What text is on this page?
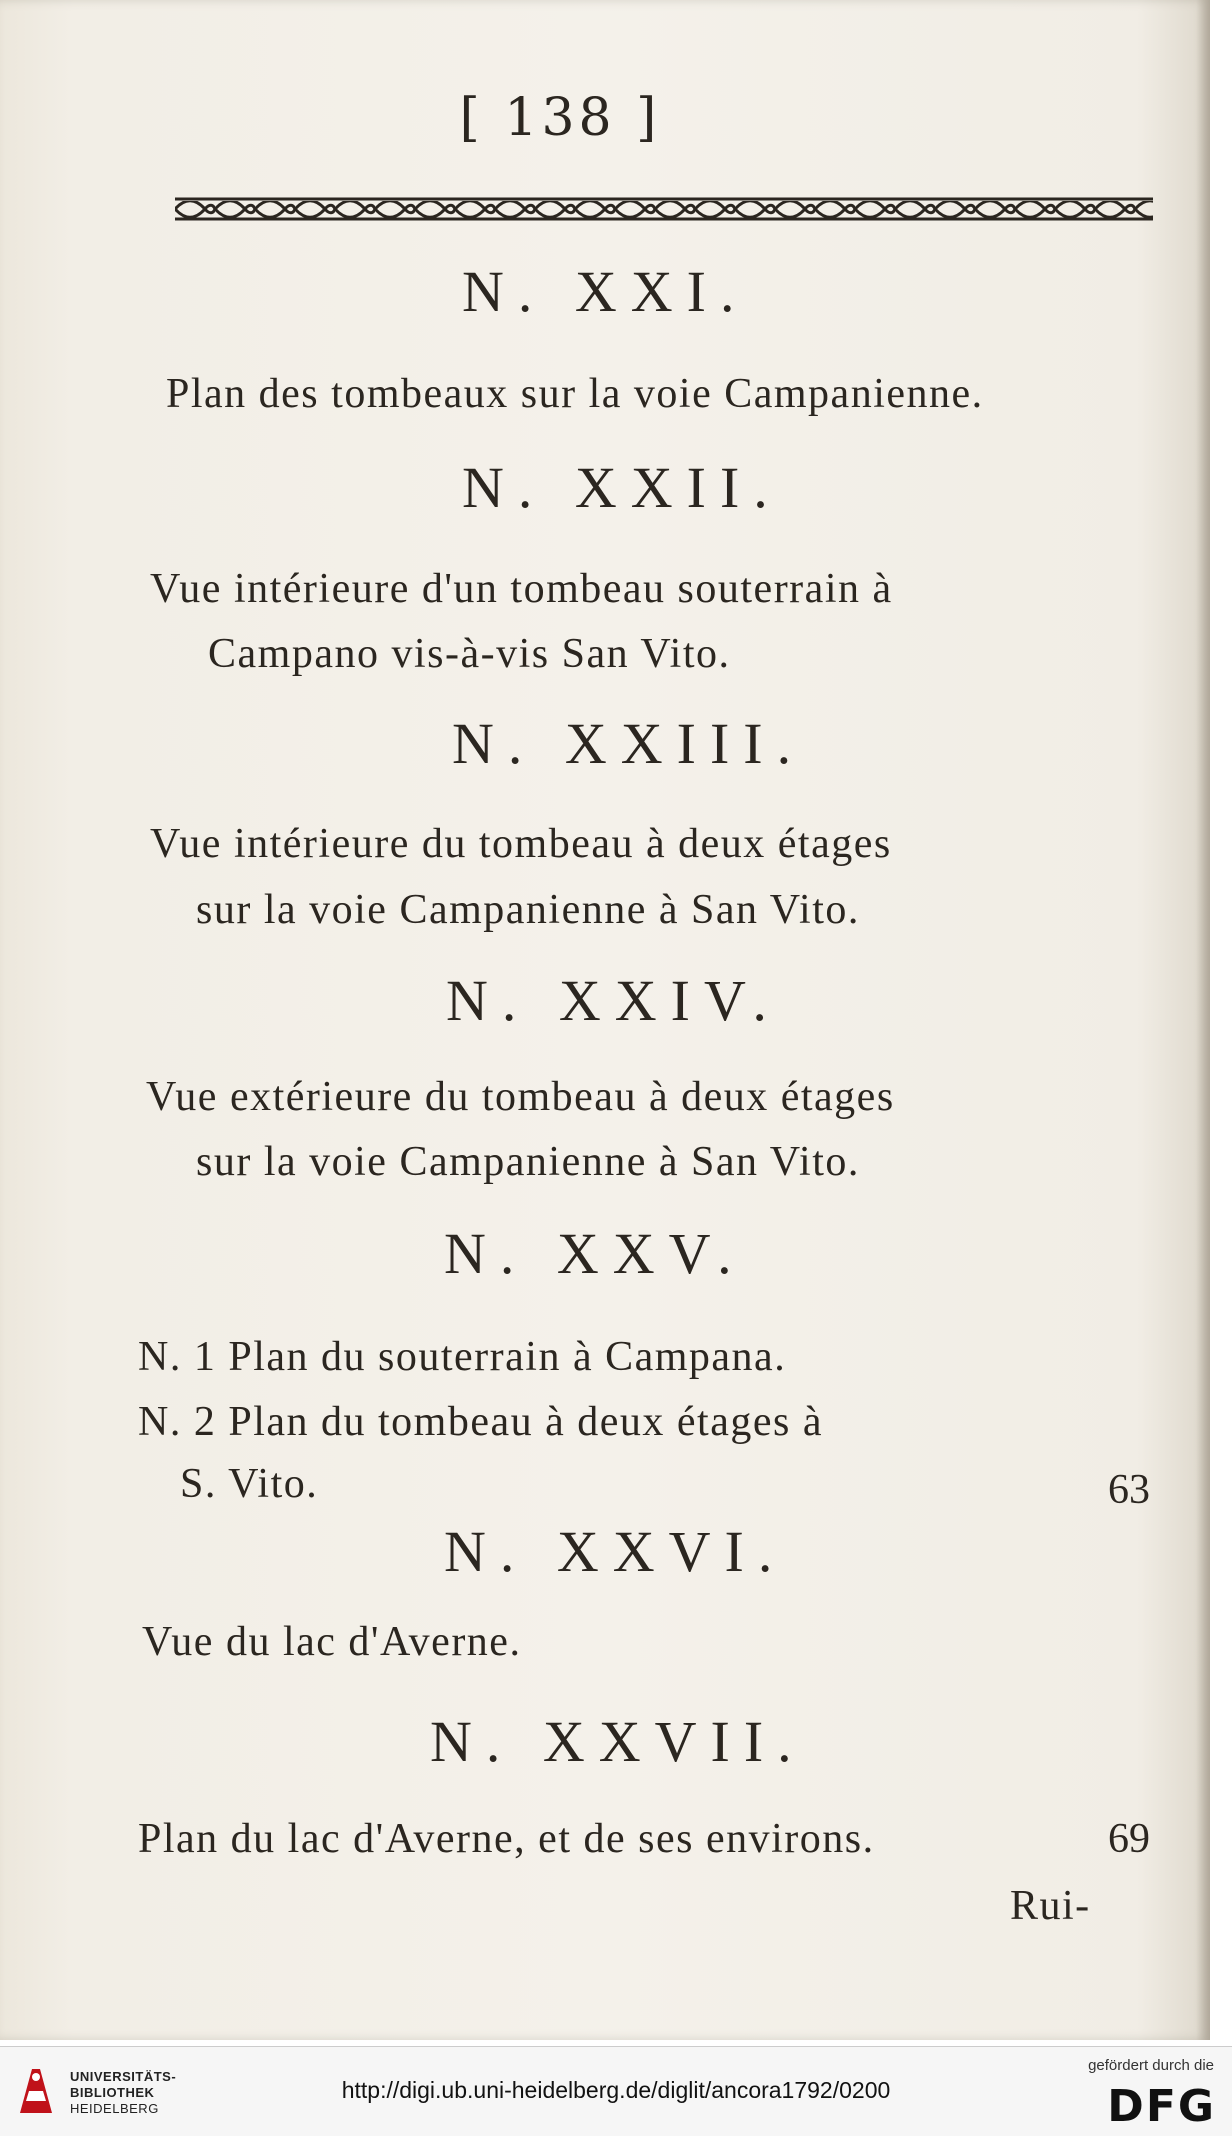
[ 138 ]
N. XXI.
Plan des tombeaux sur la voie Campanienne.
N. XXII.
Vue intérieure d'un tombeau souterrain à
Campano vis-à-vis San Vito.
N. XXIII.
Vue intérieure du tombeau à deux étages
sur la voie Campanienne à San Vito.
N. XXIV.
Vue extérieure du tombeau à deux étages
sur la voie Campanienne à San Vito.
N. XXV.
N. 1 Plan du souterrain à Campana.
N. 2 Plan du tombeau à deux étages à
S. Vito.	63
N. XXVI.
Vue du lac d'Averne.
N. XXVII.
Plan du lac d'Averne, et de ses environs.	69
Rui-
UNIVERSITÄTS-
BIBLIOTHEK
HEIDELBERG
http://digi.ub.uni-heidelberg.de/diglit/ancora1792/0200
gefördert durch die
DFG
